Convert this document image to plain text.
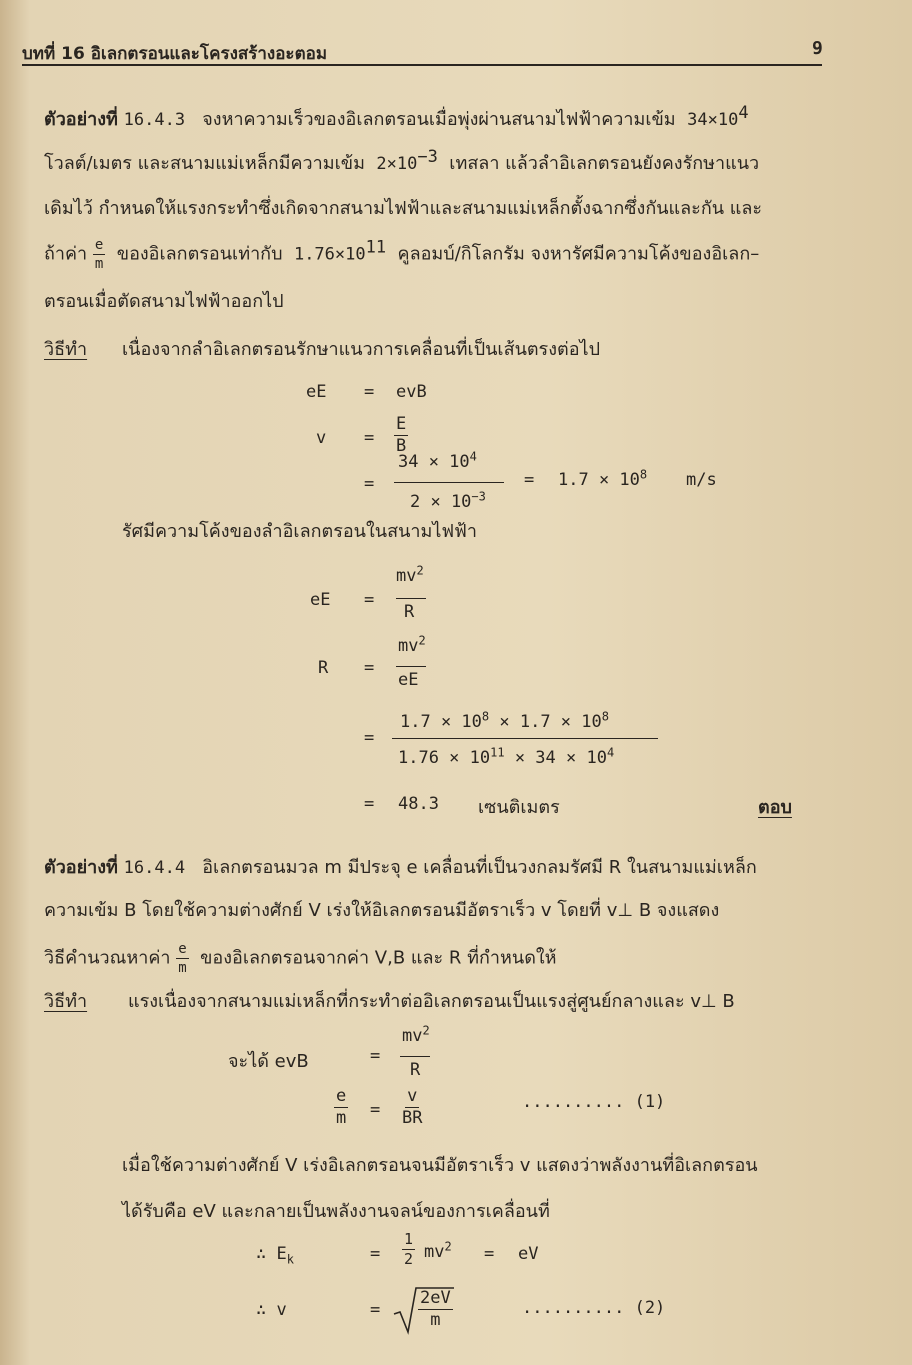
บทที่ 16 อิเลกตรอนและโครงสร้างอะตอม	9
ตัวอย่างที่ 16.4.3 จงหาความเร็วของอิเลกตรอนเมื่อพุ่งผ่านสนามไฟฟ้าความเข้ม $34\times 10^4$
โวลต์/เมตร และสนามแม่เหล็กมีความเข้ม $2\times 10^{-3}$ เทสลา แล้วลำอิเลกตรอนยังคงรักษาแนว
เดิมไว้ กำหนดให้แรงกระทำซึ่งเกิดจากสนามไฟฟ้าและสนามแม่เหล็กตั้งฉากซึ่งกันและกัน และ
ถ้าค่า $\frac{e}{m}$ ของอิเลกตรอนเท่ากับ $1.76\times 10^{11}$ คูลอมบ์/กิโลกรัม จงหารัศมีความโค้งของอิเลก–
ตรอนเมื่อตัดสนามไฟฟ้าออกไป
วิธีทำ เนื่องจากลำอิเลกตรอนรักษาแนวการเคลื่อนที่เป็นเส้นตรงต่อไป
eE = evB
$v = \frac{E}{B}$
=
$34 \times 10^4$
$2 \times 10^{-3}$
= $1.7 \times 10^8$ m/s
รัศมีความโค้งของลำอิเลกตรอนในสนามไฟฟ้า
eE =
$mv^2$
R
R =
$mv^2$
eE
=
$1.7 \times 10^8 \times 1.7 \times 10^8$
$1.76 \times 10^{11} \times 34 \times 10^4$
= 48.3 เซนติเมตร	ตอบ
ตัวอย่างที่ 16.4.4 อิเลกตรอนมวล m มีประจุ e เคลื่อนที่เป็นวงกลมรัศมี R ในสนามแม่เหล็ก
ความเข้ม B โดยใช้ความต่างศักย์ V เร่งให้อิเลกตรอนมีอัตราเร็ว v โดยที่ v⊥ B จงแสดง
วิธีคำนวณหาค่า $\frac{e}{m}$ ของอิเลกตรอนจากค่า V,B และ R ที่กำหนดให้
วิธีทำ แรงเนื่องจากสนามแม่เหล็กที่กระทำต่ออิเลกตรอนเป็นแรงสู่ศูนย์กลางและ v⊥ B
จะได้ evB	=
$mv^2$
R
$\frac{e}{m} = \frac{v}{BR}$	.......... (1)
เมื่อใช้ความต่างศักย์ V เร่งอิเลกตรอนจนมีอัตราเร็ว v แสดงว่าพลังงานที่อิเลกตรอน
ได้รับคือ eV และกลายเป็นพลังงานจลน์ของการเคลื่อนที่
∴ $E_k$	= $\frac{1}{2} mv^2$ = eV
∴ v	= $\frac{2eV}{m}$	.......... (2)
